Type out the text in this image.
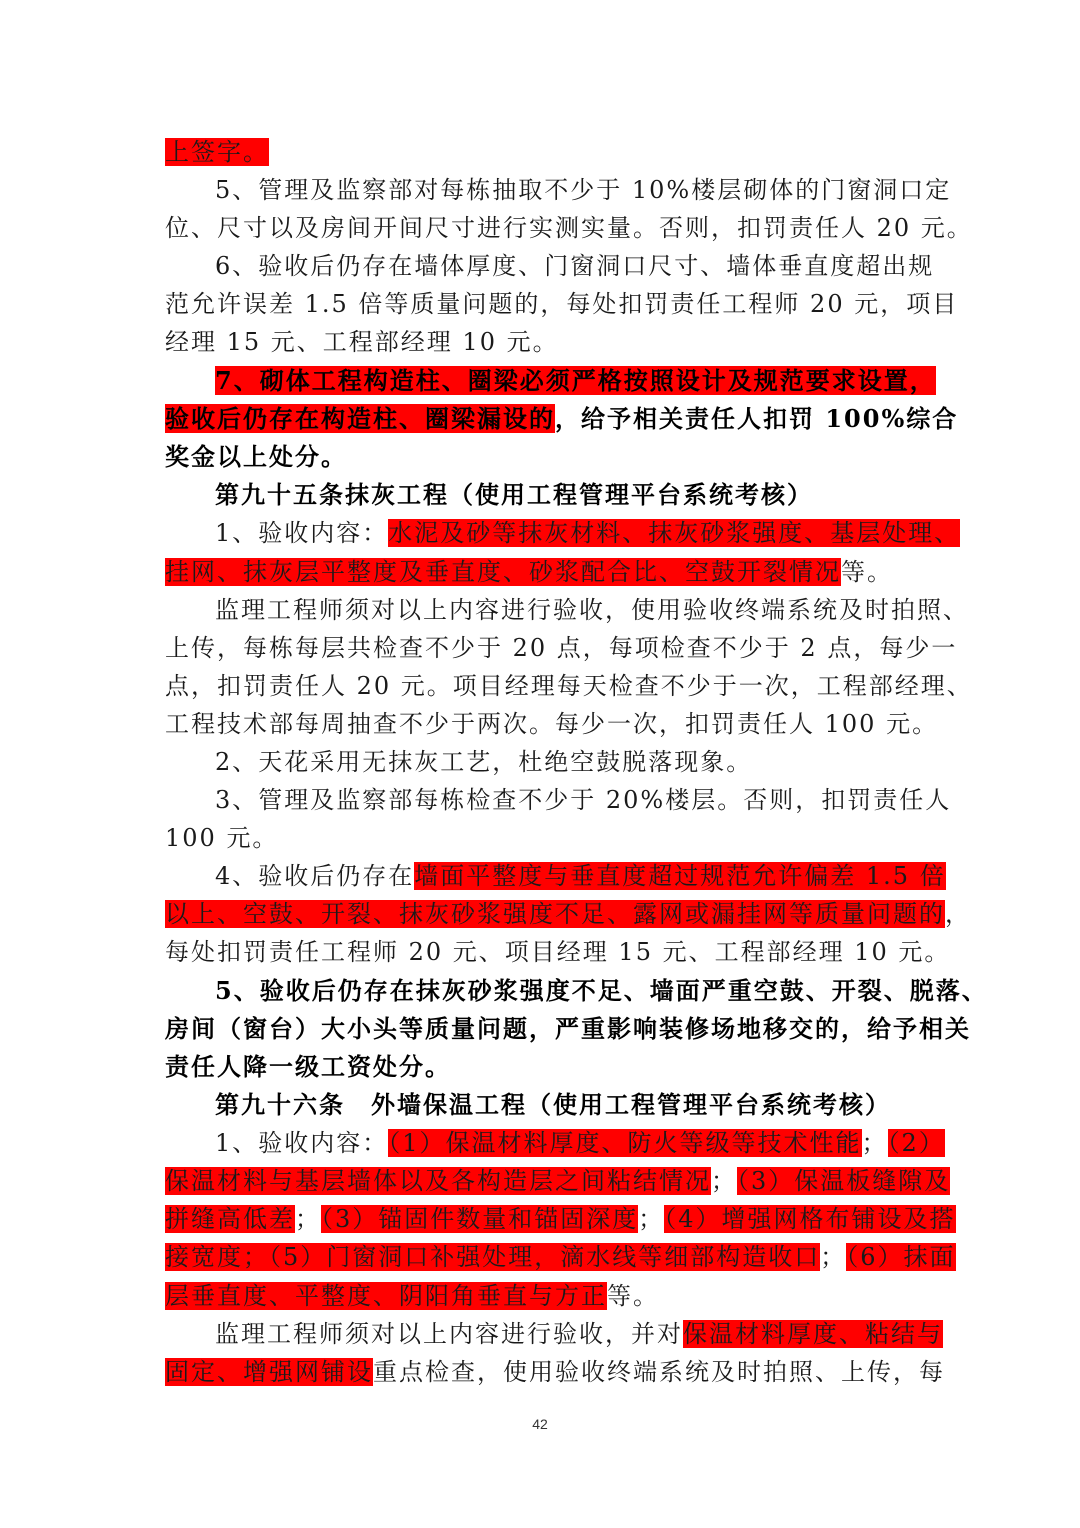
上签字。
5、管理及监察部对每栋抽取不少于 10%楼层砌体的门窗洞口定
位、尺寸以及房间开间尺寸进行实测实量。否则，扣罚责任人 20 元。
6、验收后仍存在墙体厚度、门窗洞口尺寸、墙体垂直度超出规
范允许误差 1.5 倍等质量问题的，每处扣罚责任工程师 20 元，项目
经理 15 元、工程部经理 10 元。
7、砌体工程构造柱、圈梁必须严格按照设计及规范要求设置，
验收后仍存在构造柱、圈梁漏设的，给予相关责任人扣罚 100%综合
奖金以上处分。
第九十五条抹灰工程（使用工程管理平台系统考核）
1、验收内容：水泥及砂等抹灰材料、抹灰砂浆强度、基层处理、
挂网、抹灰层平整度及垂直度、砂浆配合比、空鼓开裂情况等。
监理工程师须对以上内容进行验收，使用验收终端系统及时拍照、
上传，每栋每层共检查不少于 20 点，每项检查不少于 2 点，每少一
点，扣罚责任人 20 元。项目经理每天检查不少于一次，工程部经理、
工程技术部每周抽查不少于两次。每少一次，扣罚责任人 100 元。
2、天花采用无抹灰工艺，杜绝空鼓脱落现象。
3、管理及监察部每栋检查不少于 20%楼层。否则，扣罚责任人
100 元。
4、验收后仍存在墙面平整度与垂直度超过规范允许偏差 1.5 倍
以上、空鼓、开裂、抹灰砂浆强度不足、露网或漏挂网等质量问题的，
每处扣罚责任工程师 20 元、项目经理 15 元、工程部经理 10 元。
5、验收后仍存在抹灰砂浆强度不足、墙面严重空鼓、开裂、脱落、
房间（窗台）大小头等质量问题，严重影响装修场地移交的，给予相关
责任人降一级工资处分。
第九十六条　外墙保温工程（使用工程管理平台系统考核）
1、验收内容：（1）保温材料厚度、防火等级等技术性能；（2）
保温材料与基层墙体以及各构造层之间粘结情况；（3）保温板缝隙及
拼缝高低差；（3）锚固件数量和锚固深度；（4）增强网格布铺设及搭
接宽度；（5）门窗洞口补强处理，滴水线等细部构造收口；（6）抹面
层垂直度、平整度、阴阳角垂直与方正等。
监理工程师须对以上内容进行验收，并对保温材料厚度、粘结与
固定、增强网铺设重点检查，使用验收终端系统及时拍照、上传，每
42
